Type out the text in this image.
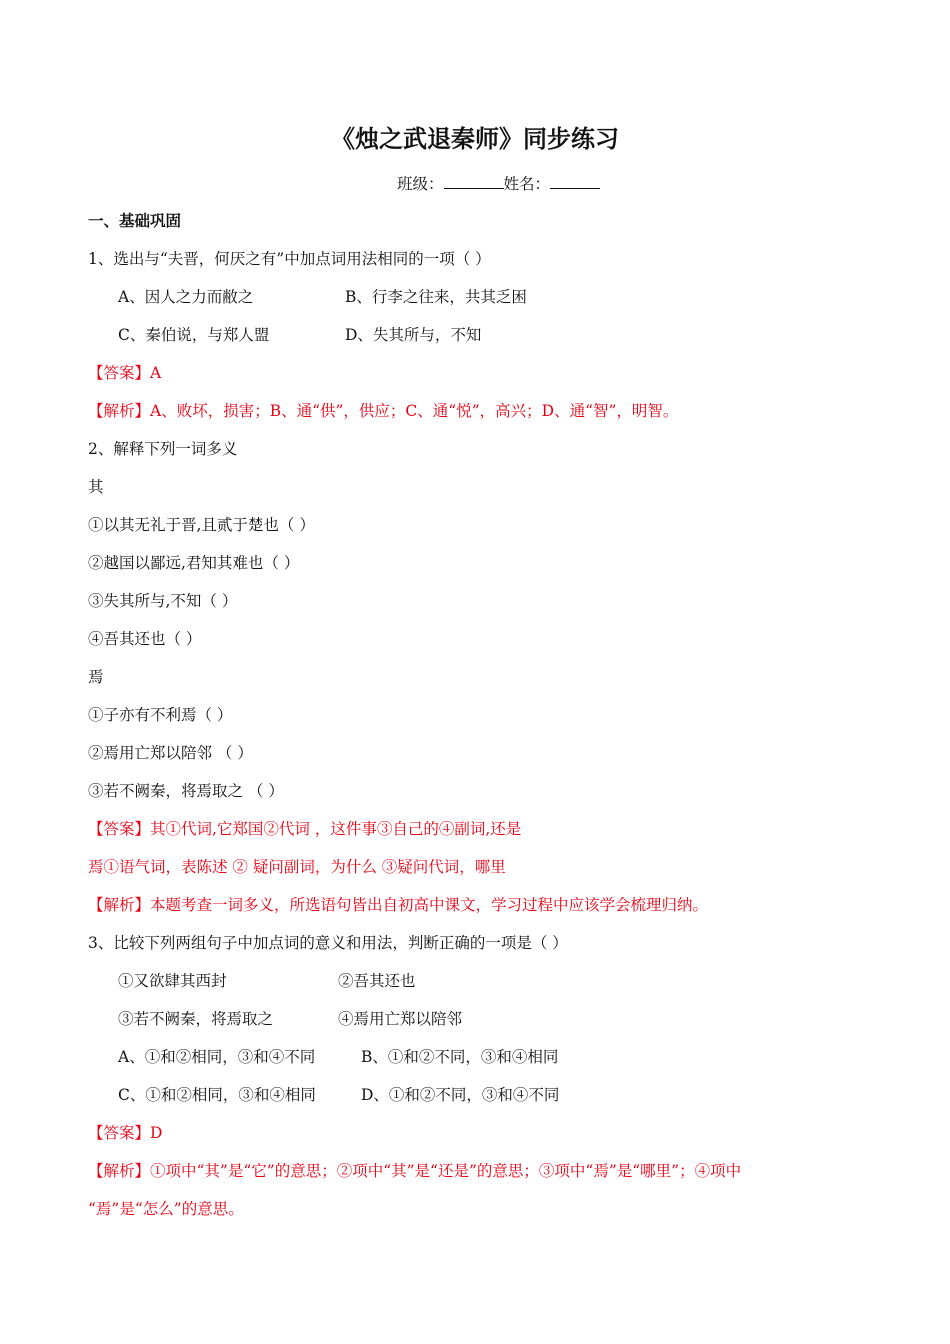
《烛之武退秦师》同步练习
班级：	姓名：
一、基础巩固
1、选出与“夫晋，何厌之有”中加点词用法相同的一项（ ）
A、因人之力而敝之	B、行李之往来，共其乏困
C、秦伯说，与郑人盟	D、失其所与，不知
【答案】A
【解析】A、败坏，损害；B、通“供”，供应；C、通“悦”，高兴；D、通“智”，明智。
2、解释下列一词多义
其
①以其无礼于晋,且贰于楚也（ ）
②越国以鄙远,君知其难也（ ）
③失其所与,不知（ ）
④吾其还也（ ）
焉
①子亦有不利焉（ ）
②焉用亡郑以陪邻 （ ）
③若不阙秦，将焉取之 （ ）
【答案】其①代词,它郑国②代词 ，这件事③自己的④副词,还是
焉①语气词，表陈述 ② 疑问副词，为什么 ③疑问代词，哪里
【解析】本题考查一词多义，所选语句皆出自初高中课文，学习过程中应该学会梳理归纳。
3、比较下列两组句子中加点词的意义和用法，判断正确的一项是（ ）
①又欲肆其西封	②吾其还也
③若不阙秦，将焉取之	④焉用亡郑以陪邻
A、①和②相同，③和④不同	B、①和②不同，③和④相同
C、①和②相同，③和④相同	D、①和②不同，③和④不同
【答案】D
【解析】①项中“其”是“它”的意思；②项中“其”是“还是”的意思；③项中“焉”是“哪里”；④项中
“焉”是“怎么”的意思。
